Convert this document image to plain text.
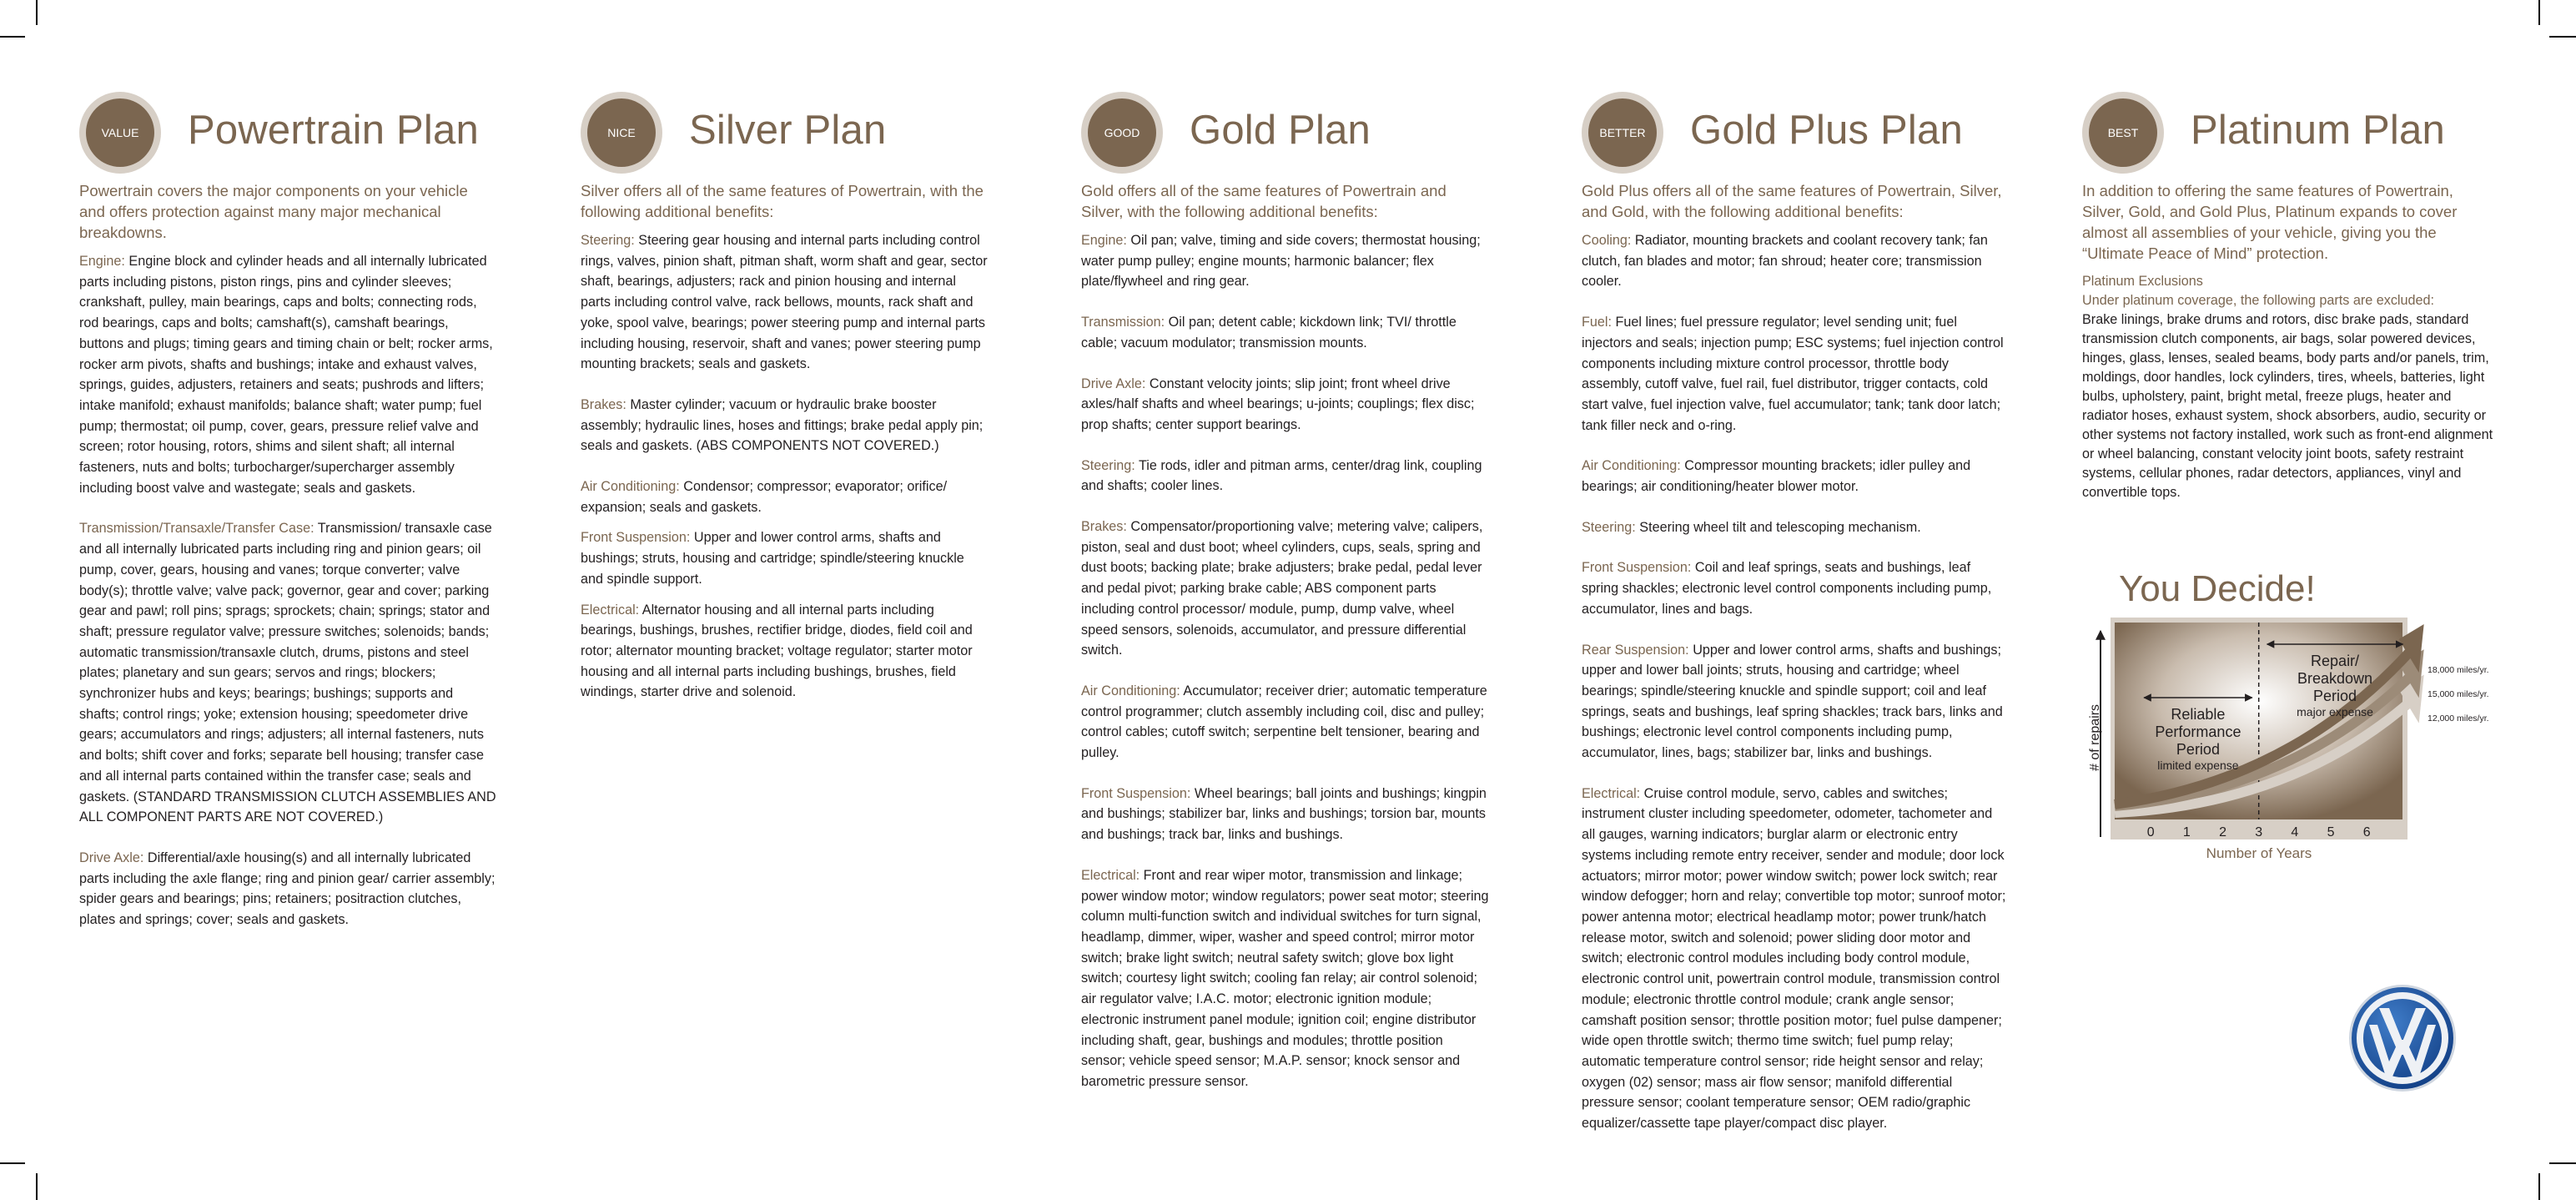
VALUE	Powertrain Plan

Powertrain covers the major components on your vehicle and offers protection against many major mechanical breakdowns.

Engine: Engine block and cylinder heads and all internally lubricated parts including pistons, piston rings, pins and cylinder sleeves; crankshaft, pulley, main bearings, caps and bolts; connecting rods, rod bearings, caps and bolts; camshaft(s), camshaft bearings, buttons and plugs; timing gears and timing chain or belt; rocker arms, rocker arm pivots, shafts and bushings; intake and exhaust valves, springs, guides, adjusters, retainers and seats; pushrods and lifters; intake manifold; exhaust manifolds; balance shaft; water pump; fuel pump; thermostat; oil pump, cover, gears, pressure relief valve and screen; rotor housing, rotors, shims and silent shaft; all internal fasteners, nuts and bolts; turbocharger/supercharger assembly including boost valve and wastegate; seals and gaskets.

Transmission/Transaxle/Transfer Case: Transmission/ transaxle case and all internally lubricated parts including ring and pinion gears; oil pump, cover, gears, housing and vanes; torque converter; valve body(s); throttle valve; valve pack; governor, gear and cover; parking gear and pawl; roll pins; sprags; sprockets; chain; springs; stator and shaft; pressure regulator valve; pressure switches; solenoids; bands; automatic transmission/transaxle clutch, drums, pistons and steel plates; planetary and sun gears; servos and rings; blockers; synchronizer hubs and keys; bearings; bushings; supports and shafts; control rings; yoke; extension housing; speedometer drive gears; accumulators and rings; adjusters; all internal fasteners, nuts and bolts; shift cover and forks; separate bell housing; transfer case and all internal parts contained within the transfer case; seals and gaskets. (STANDARD TRANSMISSION CLUTCH ASSEMBLIES AND ALL COMPONENT PARTS ARE NOT COVERED.)

Drive Axle: Differential/axle housing(s) and all internally lubricated parts including the axle flange; ring and pinion gear/ carrier assembly; spider gears and bearings; pins; retainers; positraction clutches, plates and springs; cover; seals and gaskets.

NICE	Silver Plan

Silver offers all of the same features of Powertrain, with the following additional benefits:

Steering: Steering gear housing and internal parts including control rings, valves, pinion shaft, pitman shaft, worm shaft and gear, sector shaft, bearings, adjusters; rack and pinion housing and internal parts including control valve, rack bellows, mounts, rack shaft and yoke, spool valve, bearings; power steering pump and internal parts including housing, reservoir, shaft and vanes; power steering pump mounting brackets; seals and gaskets.

Brakes: Master cylinder; vacuum or hydraulic brake booster assembly; hydraulic lines, hoses and fittings; brake pedal apply pin; seals and gaskets. (ABS COMPONENTS NOT COVERED.)

Air Conditioning: Condensor; compressor; evaporator; orifice/ expansion; seals and gaskets.

Front Suspension: Upper and lower control arms, shafts and bushings; struts, housing and cartridge; spindle/steering knuckle and spindle support.

Electrical: Alternator housing and all internal parts including bearings, bushings, brushes, rectifier bridge, diodes, field coil and rotor; alternator mounting bracket; voltage regulator; starter motor housing and all internal parts including bushings, brushes, field windings, starter drive and solenoid.

GOOD	Gold Plan

Gold offers all of the same features of Powertrain and Silver, with the following additional benefits:

Engine: Oil pan; valve, timing and side covers; thermostat housing; water pump pulley; engine mounts; harmonic balancer; flex plate/flywheel and ring gear.

Transmission: Oil pan; detent cable; kickdown link; TVI/ throttle cable; vacuum modulator; transmission mounts.

Drive Axle: Constant velocity joints; slip joint; front wheel drive axles/half shafts and wheel bearings; u-joints; couplings; flex disc; prop shafts; center support bearings.

Steering: Tie rods, idler and pitman arms, center/drag link, coupling and shafts; cooler lines.

Brakes: Compensator/proportioning valve; metering valve; calipers, piston, seal and dust boot; wheel cylinders, cups, seals, spring and dust boots; backing plate; brake adjusters; brake pedal, pedal lever and pedal pivot; parking brake cable; ABS component parts including control processor/ module, pump, dump valve, wheel speed sensors, solenoids, accumulator, and pressure differential switch.

Air Conditioning: Accumulator; receiver drier; automatic temperature control programmer; clutch assembly including coil, disc and pulley; control cables; cutoff switch; serpentine belt tensioner, bearing and pulley.

Front Suspension: Wheel bearings; ball joints and bushings; kingpin and bushings; stabilizer bar, links and bushings; torsion bar, mounts and bushings; track bar, links and bushings.

Electrical: Front and rear wiper motor, transmission and linkage; power window motor; window regulators; power seat motor; steering column multi-function switch and individual switches for turn signal, headlamp, dimmer, wiper, washer and speed control; mirror motor switch; brake light switch; neutral safety switch; glove box light switch; courtesy light switch; cooling fan relay; air control solenoid; air regulator valve; I.A.C. motor; electronic ignition module; electronic instrument panel module; ignition coil; engine distributor including shaft, gear, bushings and modules; throttle position sensor; vehicle speed sensor; M.A.P. sensor; knock sensor and barometric pressure sensor.

BETTER Gold Plus Plan

Gold Plus offers all of the same features of Powertrain, Silver, and Gold, with the following additional benefits:

Cooling: Radiator, mounting brackets and coolant recovery tank; fan clutch, fan blades and motor; fan shroud; heater core; transmission cooler.

Fuel: Fuel lines; fuel pressure regulator; level sending unit; fuel injectors and seals; injection pump; ESC systems; fuel injection control components including mixture control processor, throttle body assembly, cutoff valve, fuel rail, fuel distributor, trigger contacts, cold start valve, fuel injection valve, fuel accumulator; tank; tank door latch; tank filler neck and o-ring.

Air Conditioning: Compressor mounting brackets; idler pulley and bearings; air conditioning/heater blower motor.

Steering: Steering wheel tilt and telescoping mechanism.

Front Suspension: Coil and leaf springs, seats and bushings, leaf spring shackles; electronic level control components including pump, accumulator, lines and bags.

Rear Suspension: Upper and lower control arms, shafts and bushings; upper and lower ball joints; struts, housing and cartridge; wheel bearings; spindle/steering knuckle and spindle support; coil and leaf springs, seats and bushings, leaf spring shackles; track bars, links and bushings; electronic level control components including pump, accumulator, lines, bags; stabilizer bar, links and bushings.

Electrical: Cruise control module, servo, cables and switches; instrument cluster including speedometer, odometer, tachometer and all gauges, warning indicators; burglar alarm or electronic entry systems including remote entry receiver, sender and module; door lock actuators; mirror motor; power window switch; power lock switch; rear window defogger; horn and relay; convertible top motor; sunroof motor; power antenna motor; electrical headlamp motor; power trunk/hatch release motor, switch and solenoid; power sliding door motor and switch; electronic control modules including body control module, electronic control unit, powertrain control module, transmission control module; electronic throttle control module; crank angle sensor; camshaft position sensor; throttle position motor; fuel pulse dampener; wide open throttle switch; thermo time switch; fuel pump relay; automatic temperature control sensor; ride height sensor and relay; oxygen (02) sensor; mass air flow sensor; manifold differential pressure sensor; coolant temperature sensor; OEM radio/graphic equalizer/cassette tape player/compact disc player.

BEST	Platinum Plan

In addition to offering the same features of Powertrain, Silver, Gold, and Gold Plus, Platinum expands to cover almost all assemblies of your vehicle, giving you the “Ultimate Peace of Mind” protection.

Platinum Exclusions
Under platinum coverage, the following parts are excluded:
Brake linings, brake drums and rotors, disc brake pads, standard transmission clutch components, air bags, solar powered devices, hinges, glass, lenses, sealed beams, body parts and/or panels, trim, moldings, door handles, lock cylinders, tires, wheels, batteries, light bulbs, upholstery, paint, bright metal, freeze plugs, heater and radiator hoses, exhaust system, shock absorbers, audio, security or other systems not factory installed, work such as front-end alignment or wheel balancing, constant velocity joint boots, safety restraint systems, cellular phones, radar detectors, appliances, vinyl and convertible tops.
You Decide!
# of repairs
0 1 2 3 4 5 6
Number of Years
Reliable
Performance
Period
limited expense
Repair/
Breakdown
Period
major expense
18,000 miles/yr.
15,000 miles/yr.
12,000 miles/yr.
